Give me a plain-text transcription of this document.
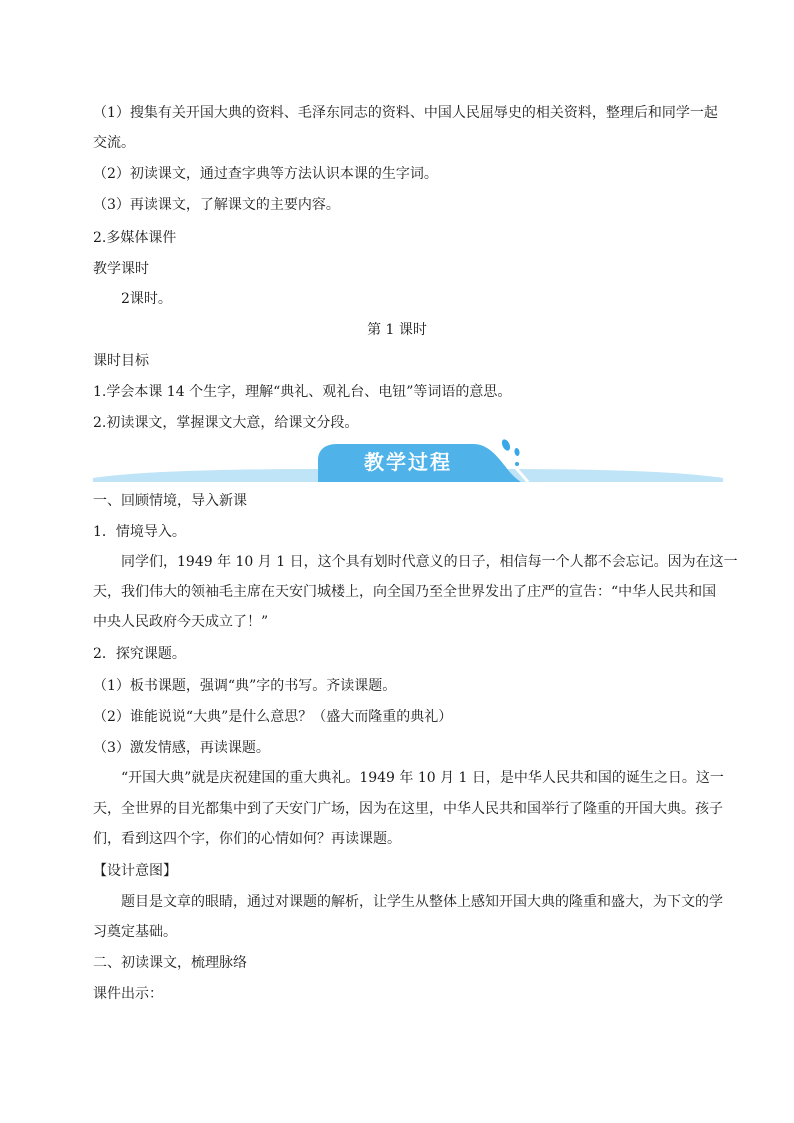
（1）搜集有关开国大典的资料、毛泽东同志的资料、中国人民屈辱史的相关资料，整理后和同学一起
交流。
（2）初读课文，通过查字典等方法认识本课的生字词。
（3）再读课文，了解课文的主要内容。
2.多媒体课件
教学课时
2课时。
第 1 课时
课时目标
1.学会本课 14 个生字，理解“典礼、观礼台、电钮”等词语的意思。
2.初读课文，掌握课文大意，给课文分段。
教学过程
一、回顾情境，导入新课
1．情境导入。
同学们，1949 年 10 月 1 日，这个具有划时代意义的日子，相信每一个人都不会忘记。因为在这一
天，我们伟大的领袖毛主席在天安门城楼上，向全国乃至全世界发出了庄严的宣告：“中华人民共和国
中央人民政府今天成立了！”
2．探究课题。
（1）板书课题，强调“典”字的书写。齐读课题。
（2）谁能说说“大典”是什么意思？（盛大而隆重的典礼）
（3）激发情感，再读课题。
“开国大典”就是庆祝建国的重大典礼。1949 年 10 月 1 日，是中华人民共和国的诞生之日。这一
天，全世界的目光都集中到了天安门广场，因为在这里，中华人民共和国举行了隆重的开国大典。孩子
们，看到这四个字，你们的心情如何？再读课题。
【设计意图】
题目是文章的眼睛，通过对课题的解析，让学生从整体上感知开国大典的隆重和盛大，为下文的学
习奠定基础。
二、初读课文，梳理脉络
课件出示：
